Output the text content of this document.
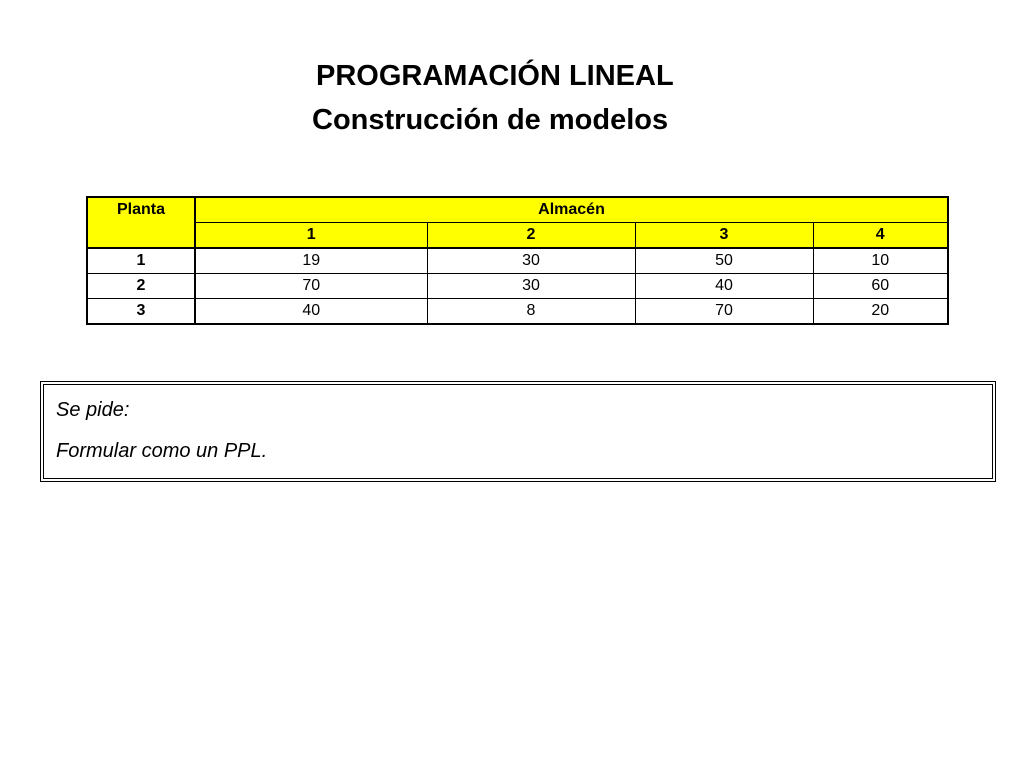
PROGRAMACIÓN LINEAL
Construcción de modelos
Planta	Almacén			
	1	2	3	4
1	19	30	50	10
2	70	30	40	60
3	40	8	70	20
Se pide:
Formular como un PPL.
